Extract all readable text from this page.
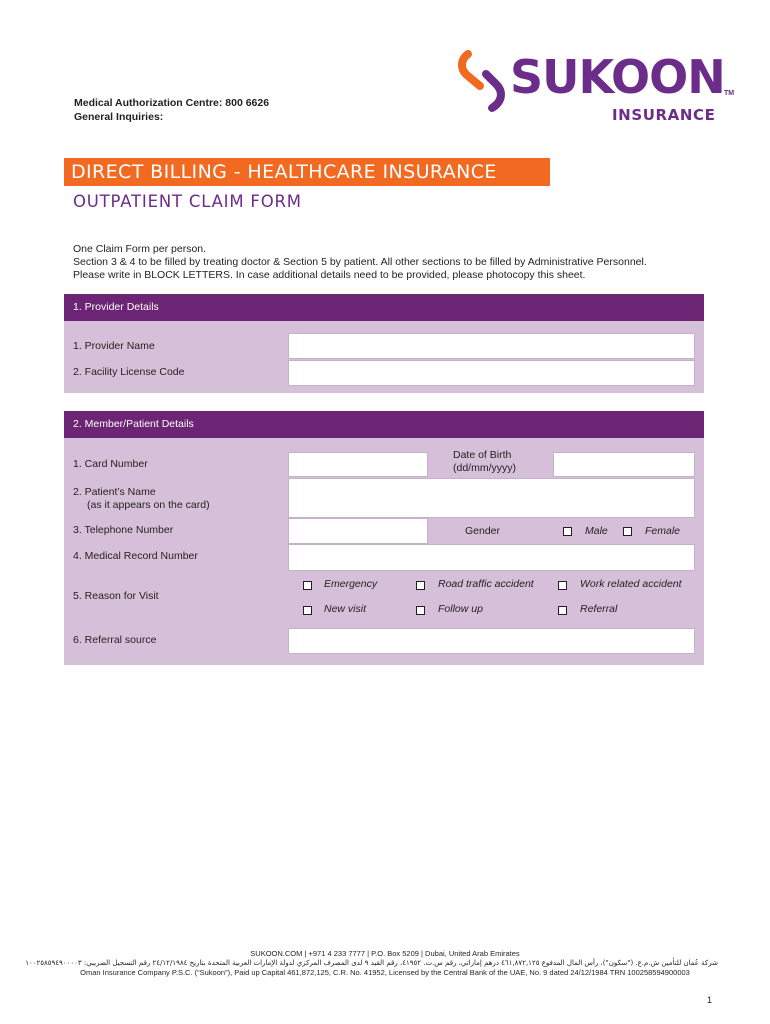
Medical Authorization Centre: 800 6626
General Inquiries:
SUKOON TM
INSURANCE
DIRECT BILLING - HEALTHCARE INSURANCE
OUTPATIENT CLAIM FORM
One Claim Form per person.
Section 3 & 4 to be filled by treating doctor & Section 5 by patient. All other sections to be filled by Administrative Personnel.
Please write in BLOCK LETTERS. In case additional details need to be provided, please photocopy this sheet.
1. Provider Details
1. Provider Name
2. Facility License Code
2. Member/Patient Details
1. Card Number
Date of Birth
(dd/mm/yyyy)
2. Patient’s Name
(as it appears on the card)
3. Telephone Number	Gender	Male	Female
4. Medical Record Number
5. Reason for Visit
Emergency	Road traffic accident	Work related accident
New visit	Follow up	Referral
6. Referral source
SUKOON.COM | +971 4 233 7777 | P.O. Box 5209 | Dubai, United Arab Emirates
شركة عُمان للتأمين ش.م.ع. ("سكون")، رأس المال المدفوع ٤٦١,٨٧٢,١٢٥ درهم إماراتي، رقم س.ت. ٤١٩٥٢، رقم القيد ٩ لدى المصرف المركزي لدولة الإمارات العربية المتحدة بتاريخ ٢٤/١٢/١٩٨٤ رقم التسجيل الضريبي: ١٠٠٢٥٨٥٩٤٩٠٠٠٠٣
Oman Insurance Company P.S.C. (“Sukoon”), Paid up Capital 461,872,125, C.R. No. 41952, Licensed by the Central Bank of the UAE, No. 9 dated 24/12/1984 TRN 100258594900003
1
